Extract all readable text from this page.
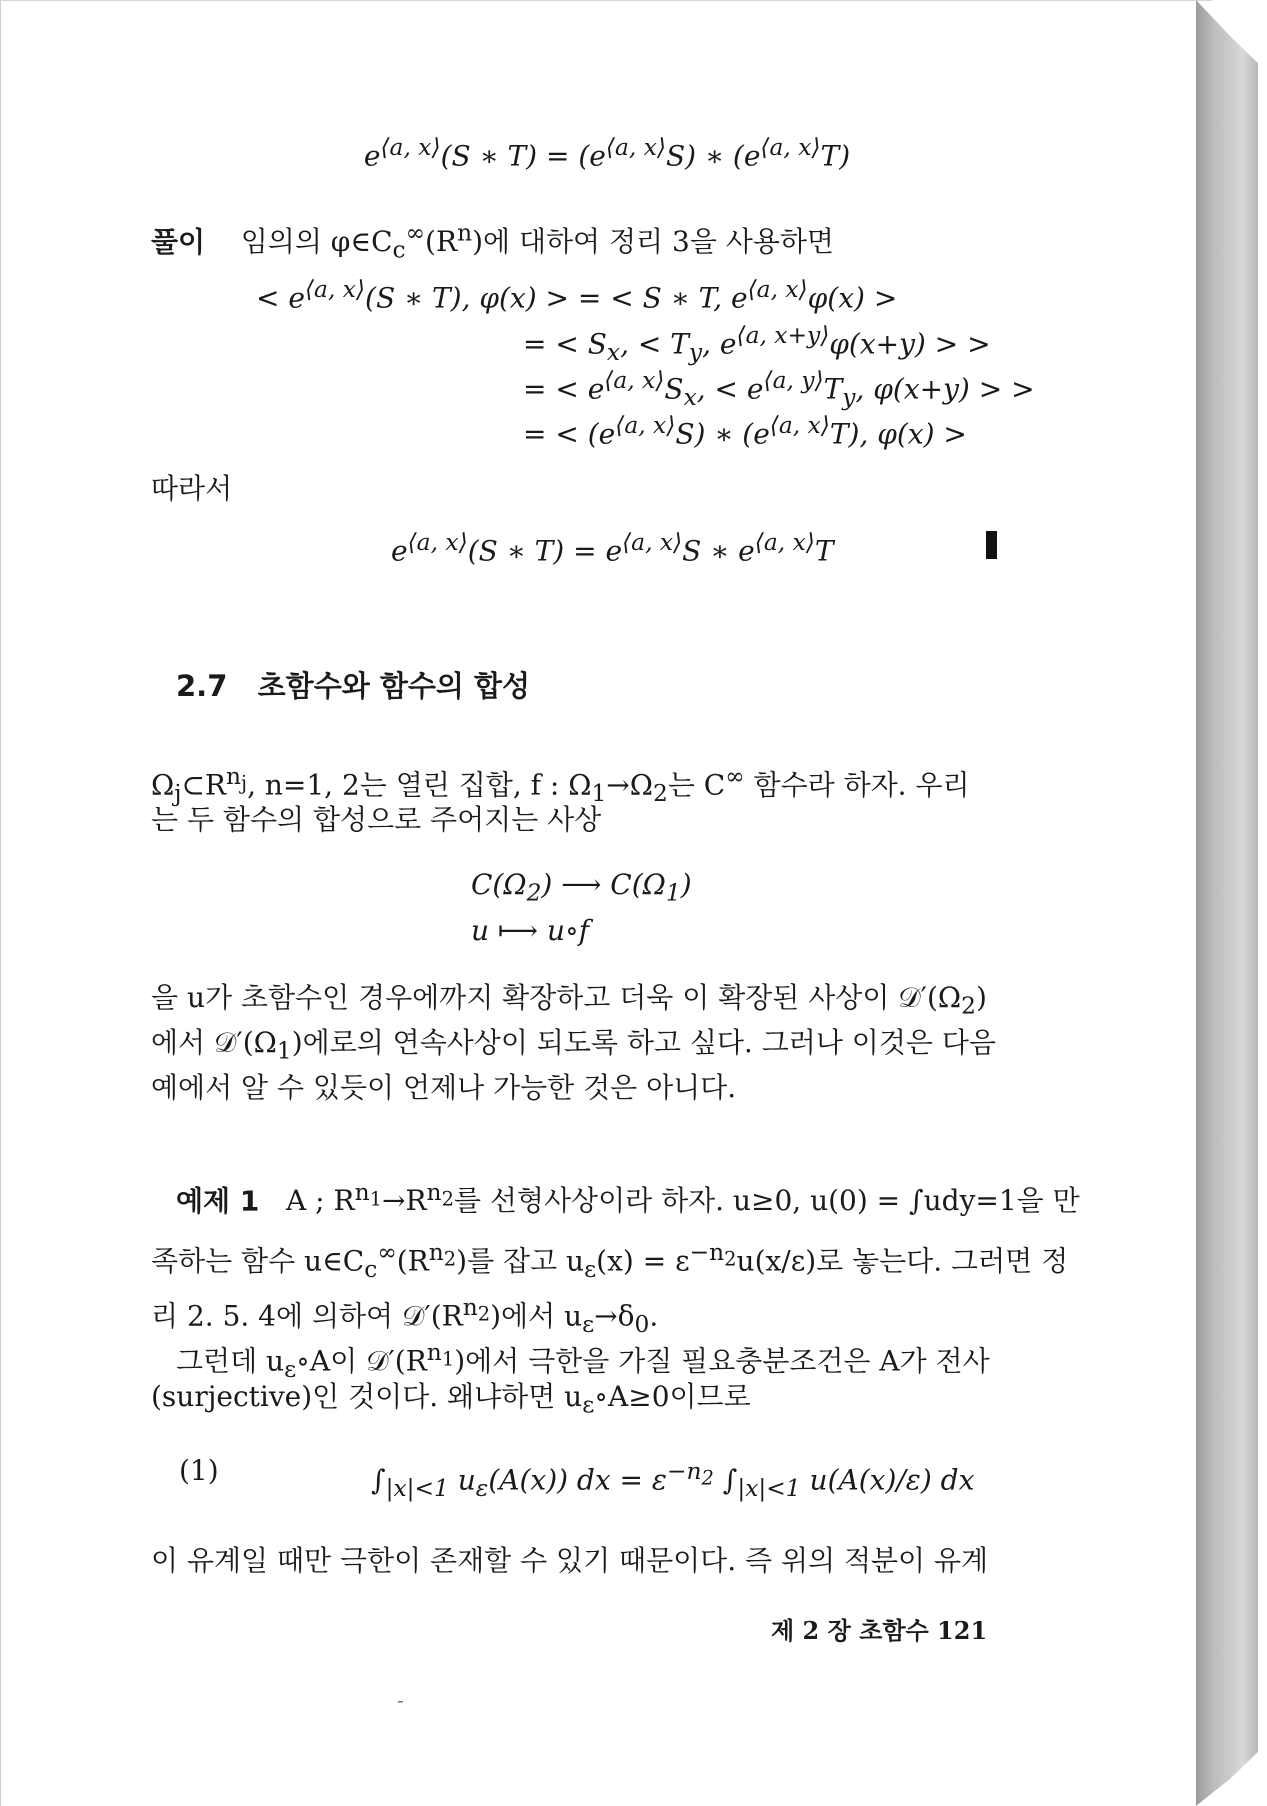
$e^{⟨a, x⟩}(S$ ∗ $T) = (e^{⟨a, x⟩}S)$ ∗ $(e^{⟨a, x⟩}T)$
풀이 임의의 $\varphi\in C_c^\infty(R^n)$에 대하여 정리 3을 사용하면
< $e^{⟨a, x⟩}(S$ ∗ T), φ(x) > = < S ∗ T, $e^{⟨a, x⟩}\varphi(x)$ >
= < $S_x$, < $T_y$, $e^{⟨a, x+y⟩}\varphi(x+y)$ > >
= < $e^{⟨a, x⟩}S_x$, < $e^{⟨a, y⟩}T_y$, φ(x+y) > >
= < $(e^{⟨a, x⟩}S)$ ∗ $(e^{⟨a, x⟩}T)$, φ(x) >
따라서
$e^{⟨a, x⟩}(S$ ∗ $T) = e^{⟨a, x⟩}S$ ∗ $e^{⟨a, x⟩}T$
2.7 초함수와 함수의 합성
$\Omega_j\subset R^{n_j}$, n=1, 2는 열린 집합, f : $\Omega_1\to\Omega_2$는 C∞ 함수라 하자. 우리
는 두 함수의 합성으로 주어지는 사상
$C(\Omega_2)$ ⟶ $C(\Omega_1)$
u ⟼ u∘f
을 u가 초함수인 경우에까지 확장하고 더욱 이 확장된 사상이 $𝒟'(\Omega_2)$
에서 $𝒟'(\Omega_1)$에로의 연속사상이 되도록 하고 싶다. 그러나 이것은 다음
예에서 알 수 있듯이 언제나 가능한 것은 아니다.
예제 1 A ; $R^{n_1}\to R^{n_2}$를 선형사상이라 하자. u≥0, u(0) = ∫udy=1을 만
족하는 함수 $u\in C_c^\infty(R^{n_2})$를 잡고 $u_\varepsilon(x) = \varepsilon^{-n_2}u(x/\varepsilon)$로 놓는다. 그러면 정
리 2. 5. 4에 의하여 $𝒟'(R^{n_2})$에서 $u_\varepsilon\to\delta_0$.
그런데 $u_\varepsilon\circ A$이 $𝒟'(R^{n_1})$에서 극한을 가질 필요충분조건은 A가 전사
(surjective)인 것이다. 왜냐하면 $u_\varepsilon\circ A\ge 0$이므로
(1)	$\int_{|x|<1}$ $u_\varepsilon(A(x))$ dx = $\varepsilon^{-n_2}$ $\int_{|x|<1}$ u(A(x)/ε) dx
이 유계일 때만 극한이 존재할 수 있기 때문이다. 즉 위의 적분이 유계
제 2 장 초함수 121
-
